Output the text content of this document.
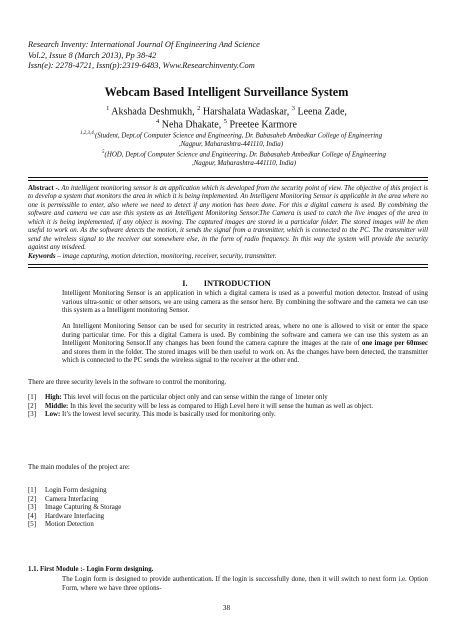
Research Inventy: International Journal Of Engineering And Science
Vol.2, Issue 8 (March 2013), Pp 38-42
Issn(e): 2278-4721, Issn(p):2319-6483, Www.Researchinventy.Com
Webcam Based Intelligent Surveillance System
$^1$ Akshada Deshmukh, $^2$ Harshalata Wadaskar, $^3$ Leena Zade,
$^4$ Neha Dhakate, $^5$ Preetee Karmore
$^{1,2,3,4,}$(Student, Dept.of Computer Science and Engineering, Dr. Babasaheb Ambedkar College of Engineering
,Nagpur, Maharashtra-441110, India)
$^5$(HOD, Dept.of Computer Science and Engineering, Dr. Babasaheb Ambedkar College of Engineering
,Nagpur, Maharashtra-441110, India)
Abstract -. An intelligent monitoring sensor is an application which is developed from the security point of view. The objective of this project is to develop a system that monitors the area in which it is being implemented. An Intelligent Monitoring Sensor is applicable in the area where no one is permissible to enter, also where we need to detect if any motion has been done. For this a digital camera is used. By combining the software and camera we can use this system as an Intelligent Monitoring Sensor.The Camera is used to catch the live images of the area in which it is being implemented, if any object is moving. The captured images are stored in a particular folder. The stored images will be then useful to work on. As the software detects the motion, it sends the signal from a transmitter, which is connected to the PC. The transmitter will send the wireless signal to the receiver out somewhere else, in the form of radio frequency. In this way the system will provide the security against any misdeed.
Keywords – image capturing, motion detection, monitoring, receiver, security, transmitter.
I. INTRODUCTION
Intelligent Monitoring Sensor is an application in which a digital camera is used as a powerful motion detector. Instead of using various ultra-sonic or other sensors, we are using camera as the sensor here. By combining the software and the camera we can use this system as a Intelligent monitoring Sensor.
An Intelligent Monitoring Sensor can be used for security in restricted areas, where no one is allowed to visit or enter the space during particular time. For this a digital Camera is used. By combining the software and camera we can use this system as an Intelligent Monitoring Sensor.If any changes has been found the camera capture the images at the rate of one image per 60msec and stores them in the folder. The stored images will be then useful to work on. As the changes have been detected, the transmitter which is connected to the PC sends the wireless signal to the receiver at the other end.
There are three security levels in the software to control the monitoring.
[1] High: This level will focus on the particular object only and can sense within the range of 1meter only
[2] Middle: In this level the security will be less as compared to High Level here it will sense the human as well as object.
[3] Low: It’s the lowest level security. This mode is basically used for monitoring only.
The main modules of the project are:
[1] Login Form designing
[2] Camera Interfacing
[3] Image Capturing & Storage
[4] Hardware Interfacing
[5] Motion Detection
1.1. First Module :- Login Form designing.
The Login form is designed to provide authentication. If the login is successfully done, then it will switch to next form i.e. Option Form, where we have three options-
38
